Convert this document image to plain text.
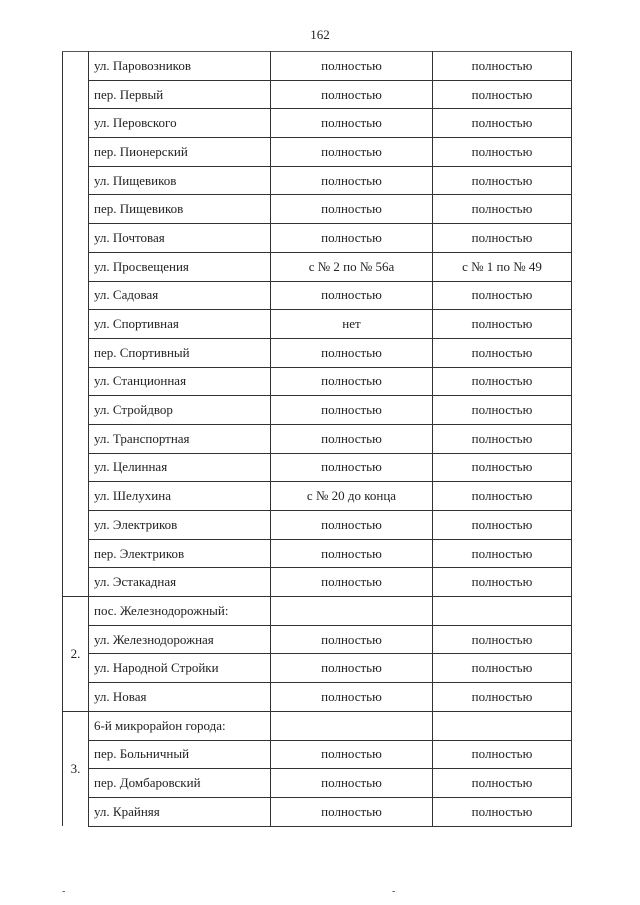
162
	ул. Паровозников	полностью	полностью
	пер. Первый	полностью	полностью
	ул. Перовского	полностью	полностью
	пер. Пионерский	полностью	полностью
	ул. Пищевиков	полностью	полностью
	пер. Пищевиков	полностью	полностью
	ул. Почтовая	полностью	полностью
	ул. Просвещения	с № 2 по № 56а	с № 1 по № 49
	ул. Садовая	полностью	полностью
	ул. Спортивная	нет	полностью
	пер. Спортивный	полностью	полностью
	ул. Станционная	полностью	полностью
	ул. Стройдвор	полностью	полностью
	ул. Транспортная	полностью	полностью
	ул. Целинная	полностью	полностью
	ул. Шелухина	с № 20 до конца	полностью
	ул. Электриков	полностью	полностью
	пер. Электриков	полностью	полностью
	ул. Эстакадная	полностью	полностью
2.	пос. Железнодорожный:		
	ул. Железнодорожная	полностью	полностью
	ул. Народной Стройки	полностью	полностью
	ул. Новая	полностью	полностью
3.	6-й микрорайон города:		
	пер. Больничный	полностью	полностью
	пер. Домбаровский	полностью	полностью
	ул. Крайняя	полностью	полностью
-	-
